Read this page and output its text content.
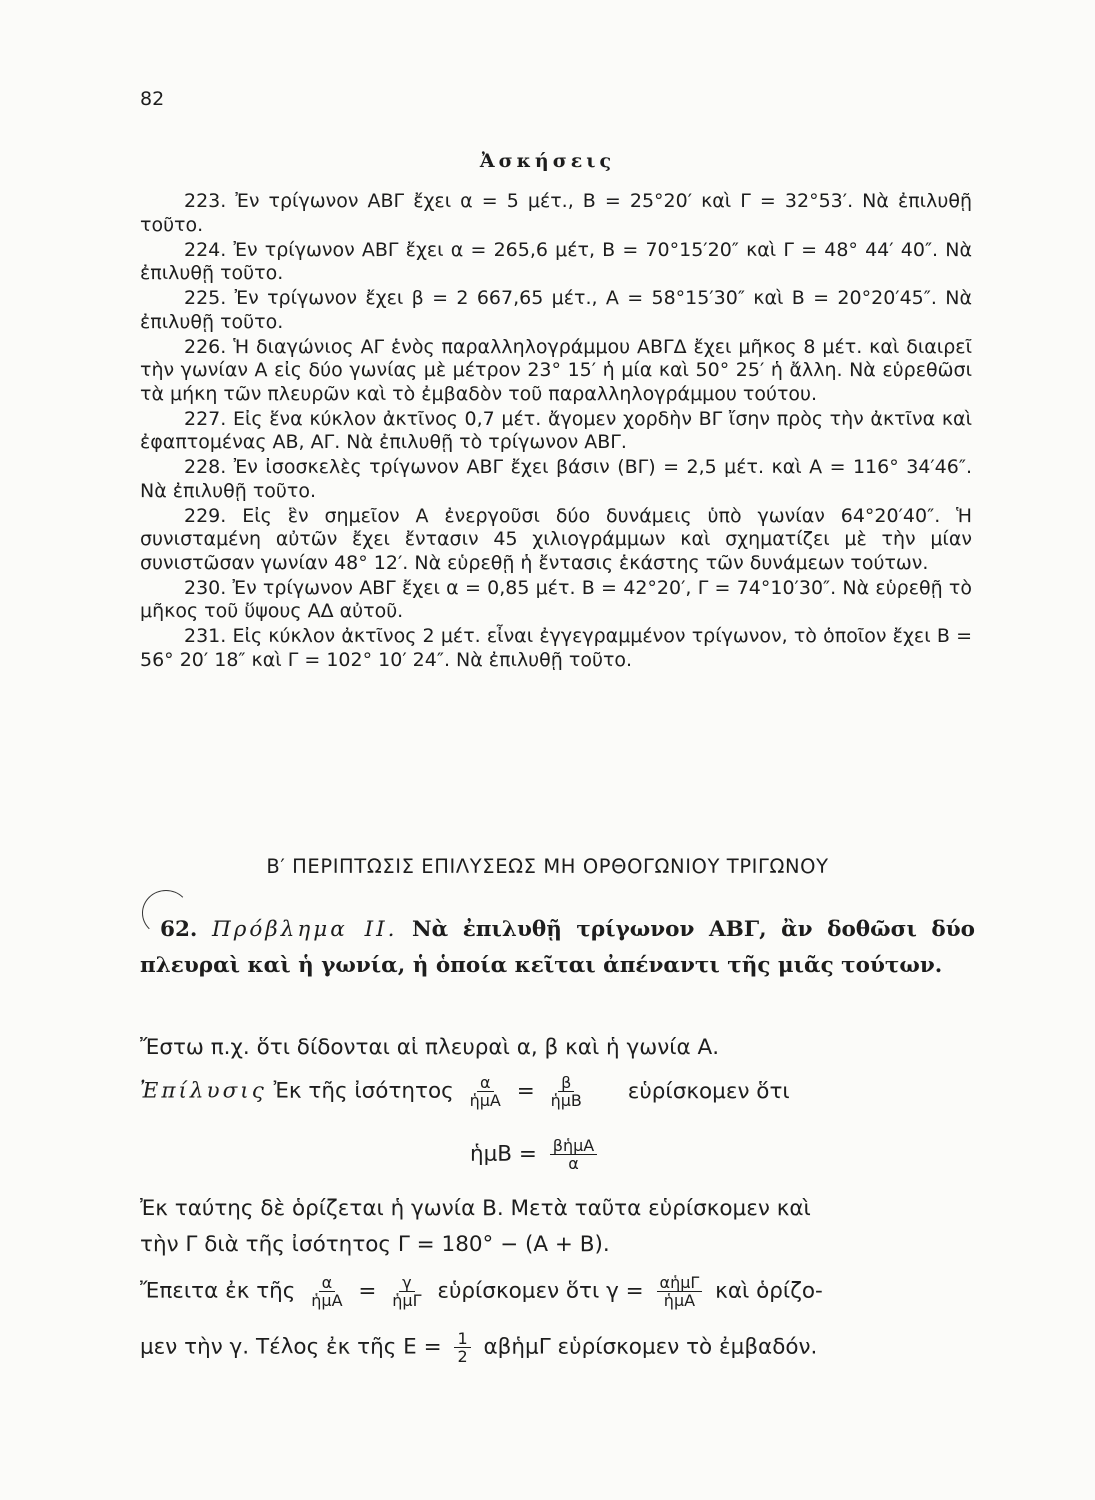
82
Ἀσκήσεις

223. Ἐν τρίγωνον ΑΒΓ ἔχει α = 5 μέτ., Β = 25°20′ καὶ Γ = 32°53′. Νὰ ἐπιλυθῇ τοῦτο.

224. Ἐν τρίγωνον ΑΒΓ ἔχει α = 265,6 μέτ, Β = 70°15′20″ καὶ Γ = 48° 44′ 40″. Νὰ ἐπιλυθῇ τοῦτο.

225. Ἐν τρίγωνον ἔχει β = 2 667,65 μέτ., Α = 58°15′30″ καὶ Β = 20°20′45″. Νὰ ἐπιλυθῇ τοῦτο.

226. Ἡ διαγώνιος ΑΓ ἑνὸς παραλληλογράμμου ΑΒΓΔ ἔχει μῆκος 8 μέτ. καὶ διαιρεῖ τὴν γωνίαν Α εἰς δύο γωνίας μὲ μέτρον 23° 15′ ἡ μία καὶ 50° 25′ ἡ ἄλλη. Νὰ εὑρεθῶσι τὰ μήκη τῶν πλευρῶν καὶ τὸ ἐμβαδὸν τοῦ παραλληλογράμμου τούτου.

227. Εἰς ἕνα κύκλον ἀκτῖνος 0,7 μέτ. ἄγομεν χορδὴν ΒΓ ἴσην πρὸς τὴν ἀκτῖνα καὶ ἐφαπτομένας ΑΒ, ΑΓ. Νὰ ἐπιλυθῇ τὸ τρίγωνον ΑΒΓ.

228. Ἐν ἰσοσκελὲς τρίγωνον ΑΒΓ ἔχει βάσιν (ΒΓ) = 2,5 μέτ. καὶ Α = 116° 34′46″. Νὰ ἐπιλυθῇ τοῦτο.

229. Εἰς ἓν σημεῖον Α ἐνεργοῦσι δύο δυνάμεις ὑπὸ γωνίαν 64°20′40″. Ἡ συνισταμένη αὐτῶν ἔχει ἔντασιν 45 χιλιογράμμων καὶ σχηματίζει μὲ τὴν μίαν συνιστῶσαν γωνίαν 48° 12′. Νὰ εὑρεθῇ ἡ ἔντασις ἑκάστης τῶν δυνάμεων τούτων.

230. Ἐν τρίγωνον ΑΒΓ ἔχει α = 0,85 μέτ. Β = 42°20′, Γ = 74°10′30″. Νὰ εὑρεθῇ τὸ μῆκος τοῦ ὕψους ΑΔ αὐτοῦ.

231. Εἰς κύκλον ἀκτῖνος 2 μέτ. εἶναι ἐγγεγραμμένον τρίγωνον, τὸ ὁποῖον ἔχει Β = 56° 20′ 18″ καὶ Γ = 102° 10′ 24″. Νὰ ἐπιλυθῇ τοῦτο.

Β′ ΠΕΡΙΠΤΩΣΙΣ ΕΠΙΛΥΣΕΩΣ ΜΗ ΟΡΘΟΓΩΝΙΟΥ ΤΡΙΓΩΝΟΥ
62. Πρόβλημα ΙΙ. Νὰ ἐπιλυθῇ τρίγωνον ΑΒΓ, ἂν δοθῶσι δύο πλευραὶ καὶ ἡ γωνία, ἡ ὁποία κεῖται ἀπέναντι τῆς μιᾶς τούτων.
Ἔστω π.χ. ὅτι δίδονται αἱ πλευραὶ α, β καὶ ἡ γωνία Α.
Ἐπίλυσις Ἐκ τῆς ἰσότητος $\frac{\alpha}{\text{ἡμΑ}} = \frac{\beta}{\text{ἡμΒ}}$ εὑρίσκομεν ὅτι
ἡμΒ = $\frac{\text{βἡμΑ}}{\alpha}$
Ἐκ ταύτης δὲ ὁρίζεται ἡ γωνία Β. Μετὰ ταῦτα εὑρίσκομεν καὶ
τὴν Γ διὰ τῆς ἰσότητος Γ = 180° − (Α + Β).
Ἔπειτα ἐκ τῆς $\frac{\alpha}{\text{ἡμΑ}} = \frac{\gamma}{\text{ἡμΓ}}$ εὑρίσκομεν ὅτι $\gamma = \frac{\text{αἡμΓ}}{\text{ἡμΑ}}$ καὶ ὁρίζο-
μεν τὴν γ. Τέλος ἐκ τῆς $E = \frac{1}{2}$ αβἡμΓ εὑρίσκομεν τὸ ἐμβαδόν.
